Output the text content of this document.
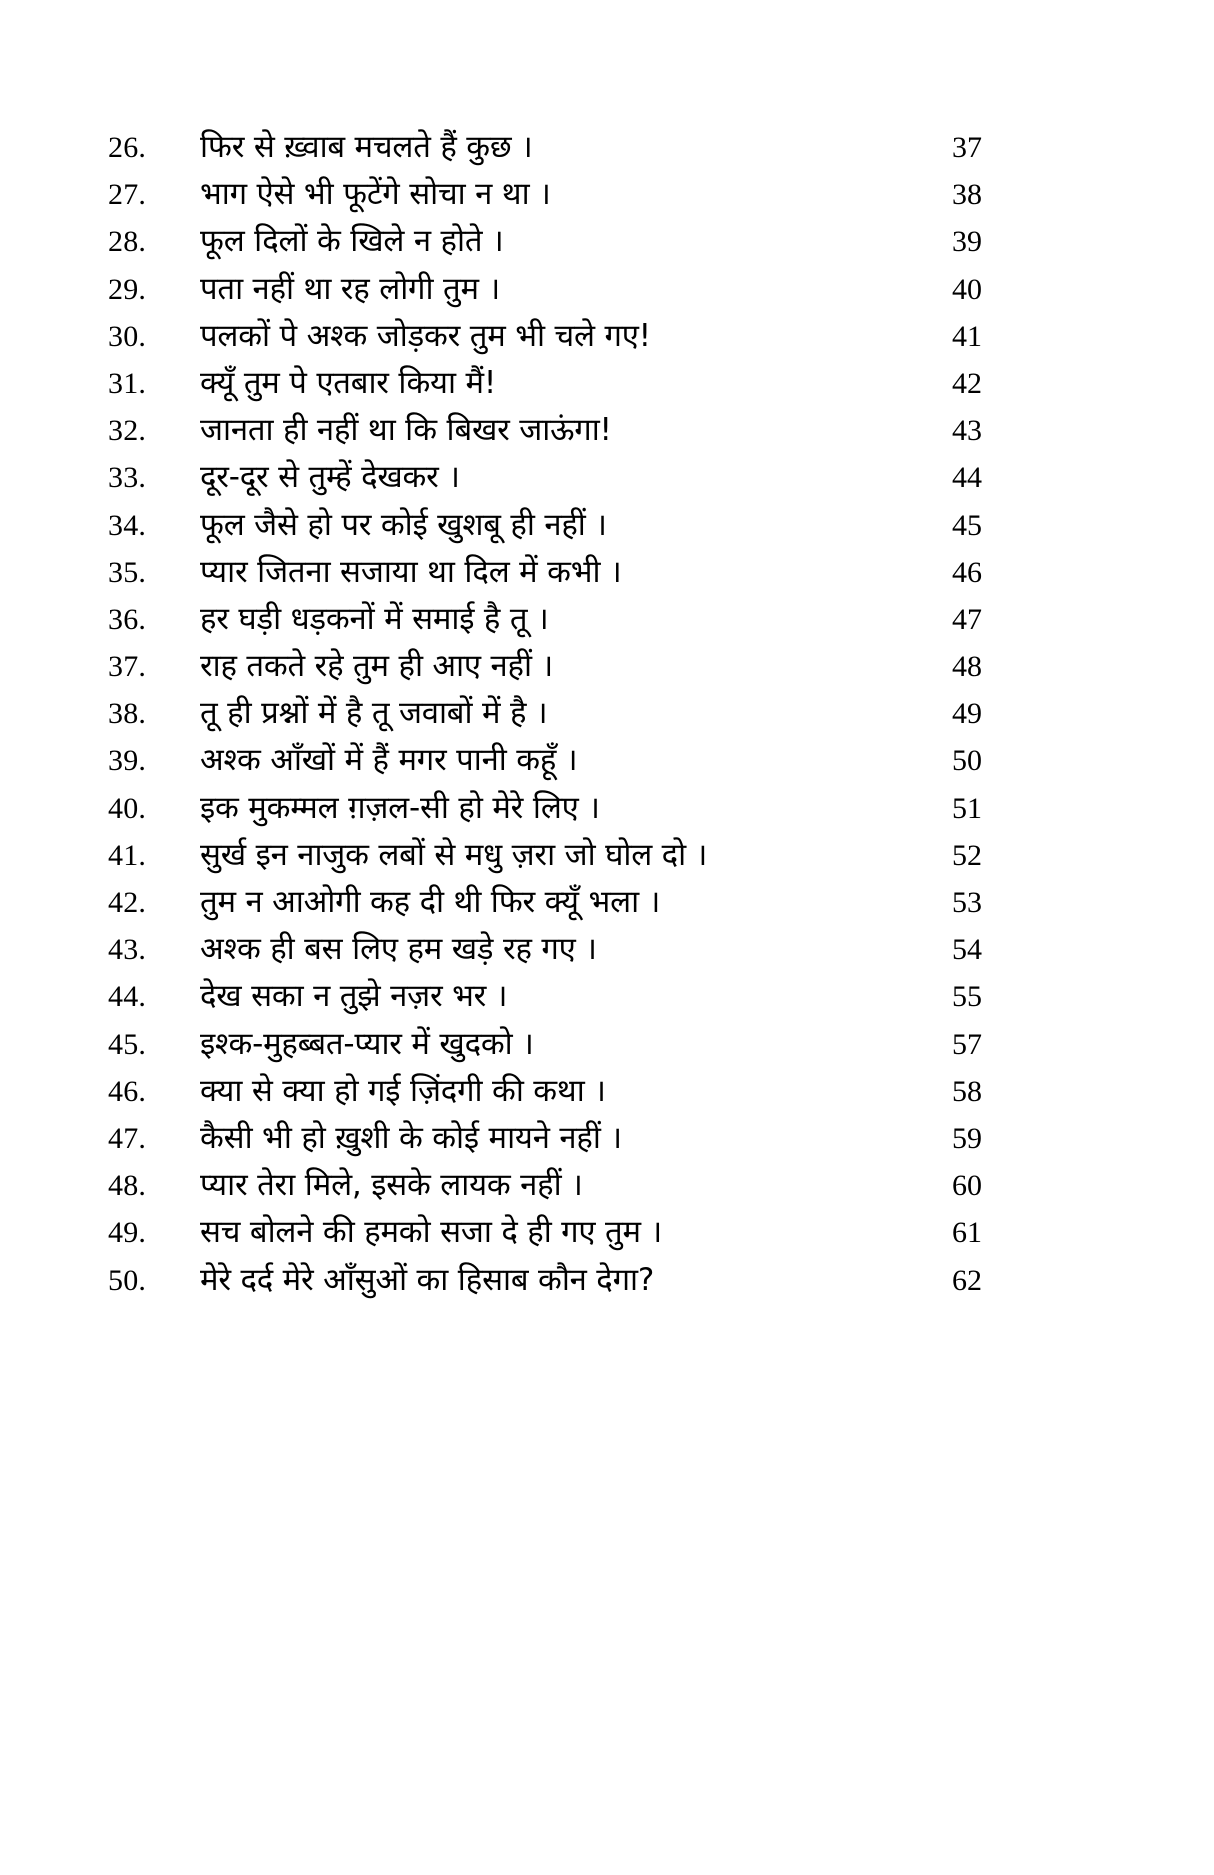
26.	फिर से ख़्वाब मचलते हैं कुछ ।	37
27.	भाग ऐसे भी फूटेंगे सोचा न था ।	38
28.	फूल दिलों के खिले न होते ।	39
29.	पता नहीं था रह लोगी तुम ।	40
30.	पलकों पे अश्क जोड़कर तुम भी चले गए!	41
31.	क्यूँ तुम पे एतबार किया मैं!	42
32.	जानता ही नहीं था कि बिखर जाऊंगा!	43
33.	दूर-दूर से तुम्हें देखकर ।	44
34.	फूल जैसे हो पर कोई खुशबू ही नहीं ।	45
35.	प्यार जितना सजाया था दिल में कभी ।	46
36.	हर घड़ी धड़कनों में समाई है तू ।	47
37.	राह तकते रहे तुम ही आए नहीं ।	48
38.	तू ही प्रश्नों में है तू जवाबों में है ।	49
39.	अश्क आँखों में हैं मगर पानी कहूँ ।	50
40.	इक मुकम्मल ग़ज़ल-सी हो मेरे लिए ।	51
41.	सुर्ख इन नाजुक लबों से मधु ज़रा जो घोल दो ।	52
42.	तुम न आओगी कह दी थी फिर क्यूँ भला ।	53
43.	अश्क ही बस लिए हम खड़े रह गए ।	54
44.	देख सका न तुझे नज़र भर ।	55
45.	इश्क-मुहब्बत-प्यार में खुदको ।	57
46.	क्या से क्या हो गई ज़िंदगी की कथा ।	58
47.	कैसी भी हो ख़ुशी के कोई मायने नहीं ।	59
48.	प्यार तेरा मिले, इसके लायक नहीं ।	60
49.	सच बोलने की हमको सजा दे ही गए तुम ।	61
50.	मेरे दर्द मेरे आँसुओं का हिसाब कौन देगा?	62
